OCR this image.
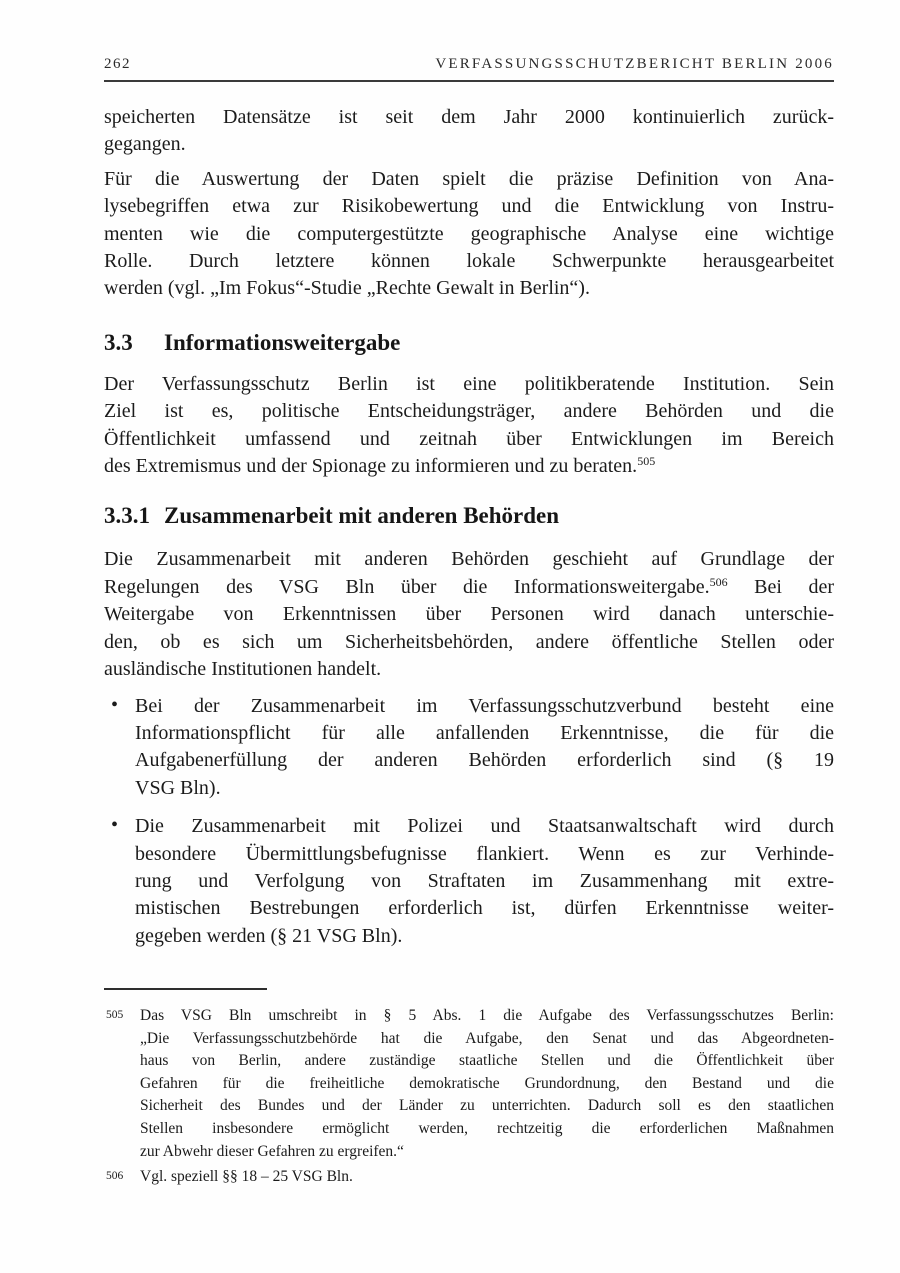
262	VERFASSUNGSSCHUTZBERICHT BERLIN 2006
speicherten Datensätze ist seit dem Jahr 2000 kontinuierlich zurück-
gegangen.
Für die Auswertung der Daten spielt die präzise Definition von Ana-
lysebegriffen etwa zur Risikobewertung und die Entwicklung von Instru-
menten wie die computergestützte geographische Analyse eine wichtige
Rolle. Durch letztere können lokale Schwerpunkte herausgearbeitet
werden (vgl. „Im Fokus“-Studie „Rechte Gewalt in Berlin“).
3.3 Informationsweitergabe
Der Verfassungsschutz Berlin ist eine politikberatende Institution. Sein
Ziel ist es, politische Entscheidungsträger, andere Behörden und die
Öffentlichkeit umfassend und zeitnah über Entwicklungen im Bereich
des Extremismus und der Spionage zu informieren und zu beraten.$^{505}$
3.3.1 Zusammenarbeit mit anderen Behörden
Die Zusammenarbeit mit anderen Behörden geschieht auf Grundlage der
Regelungen des VSG Bln über die Informationsweitergabe.$^{506}$ Bei der
Weitergabe von Erkenntnissen über Personen wird danach unterschie-
den, ob es sich um Sicherheitsbehörden, andere öffentliche Stellen oder
ausländische Institutionen handelt.
• Bei der Zusammenarbeit im Verfassungsschutzverbund besteht eine
Informationspflicht für alle anfallenden Erkenntnisse, die für die
Aufgabenerfüllung der anderen Behörden erforderlich sind (§ 19
VSG Bln).
• Die Zusammenarbeit mit Polizei und Staatsanwaltschaft wird durch
besondere Übermittlungsbefugnisse flankiert. Wenn es zur Verhinde-
rung und Verfolgung von Straftaten im Zusammenhang mit extre-
mistischen Bestrebungen erforderlich ist, dürfen Erkenntnisse weiter-
gegeben werden (§ 21 VSG Bln).
505 Das VSG Bln umschreibt in § 5 Abs. 1 die Aufgabe des Verfassungsschutzes Berlin:
„Die Verfassungsschutzbehörde hat die Aufgabe, den Senat und das Abgeordneten-
haus von Berlin, andere zuständige staatliche Stellen und die Öffentlichkeit über
Gefahren für die freiheitliche demokratische Grundordnung, den Bestand und die
Sicherheit des Bundes und der Länder zu unterrichten. Dadurch soll es den staatlichen
Stellen insbesondere ermöglicht werden, rechtzeitig die erforderlichen Maßnahmen
zur Abwehr dieser Gefahren zu ergreifen.“
506 Vgl. speziell §§ 18 – 25 VSG Bln.
